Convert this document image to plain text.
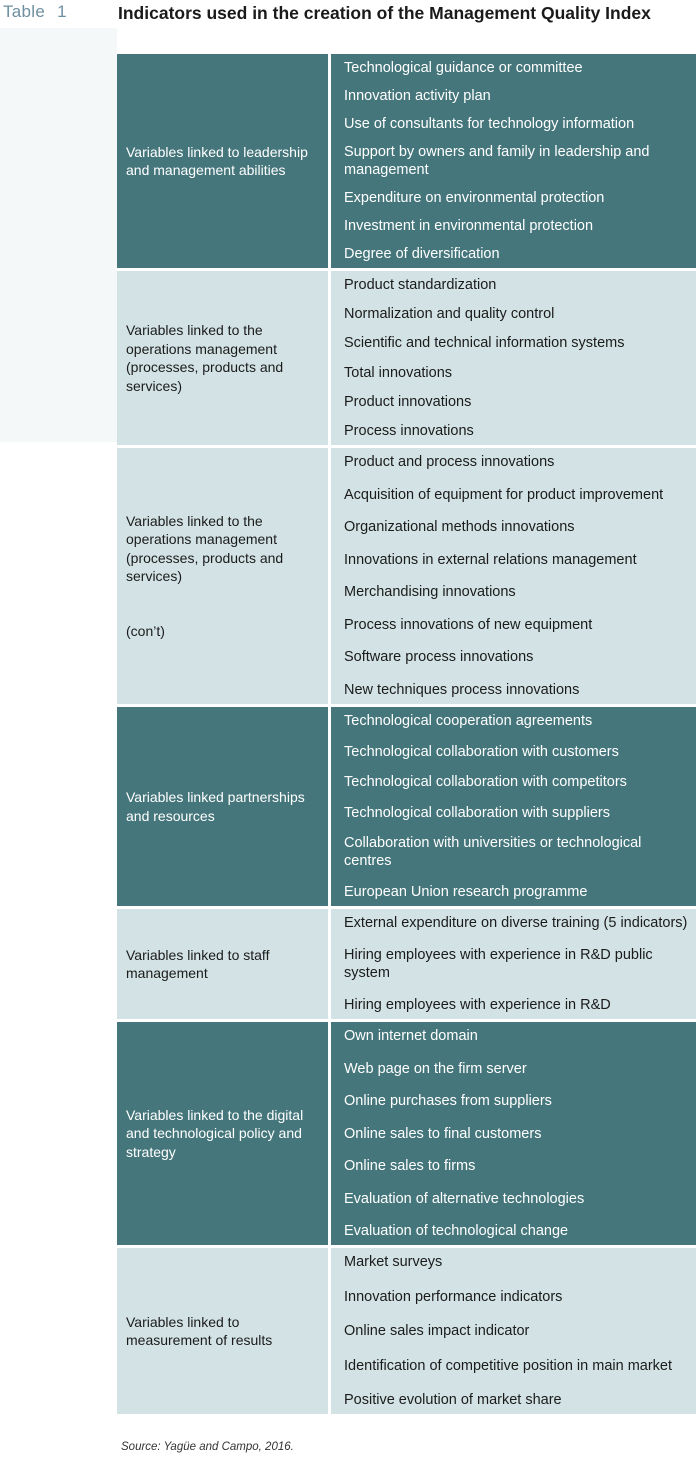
Table 1	Indicators used in the creation of the Management Quality Index
Variables linked to leadership and management abilities
Technological guidance or committee
Innovation activity plan
Use of consultants for technology information
Support by owners and family in leadership and management
Expenditure on environmental protection
Investment in environmental protection
Degree of diversification
Variables linked to the operations management (processes, products and services)
Product standardization
Normalization and quality control
Scientific and technical information systems
Total innovations
Product innovations
Process innovations
Variables linked to the operations management (processes, products and services)
(con’t)
Product and process innovations
Acquisition of equipment for product improvement
Organizational methods innovations
Innovations in external relations management
Merchandising innovations
Process innovations of new equipment
Software process innovations
New techniques process innovations
Variables linked partnerships and resources
Technological cooperation agreements
Technological collaboration with customers
Technological collaboration with competitors
Technological collaboration with suppliers
Collaboration with universities or technological centres
European Union research programme
Variables linked to staff management
External expenditure on diverse training (5 indicators)
Hiring employees with experience in R&D public system
Hiring employees with experience in R&D
Variables linked to the digital and technological policy and strategy
Own internet domain
Web page on the firm server
Online purchases from suppliers
Online sales to final customers
Online sales to firms
Evaluation of alternative technologies
Evaluation of technological change
Variables linked to measurement of results
Market surveys
Innovation performance indicators
Online sales impact indicator
Identification of competitive position in main market
Positive evolution of market share
Source: Yagüe and Campo, 2016.
